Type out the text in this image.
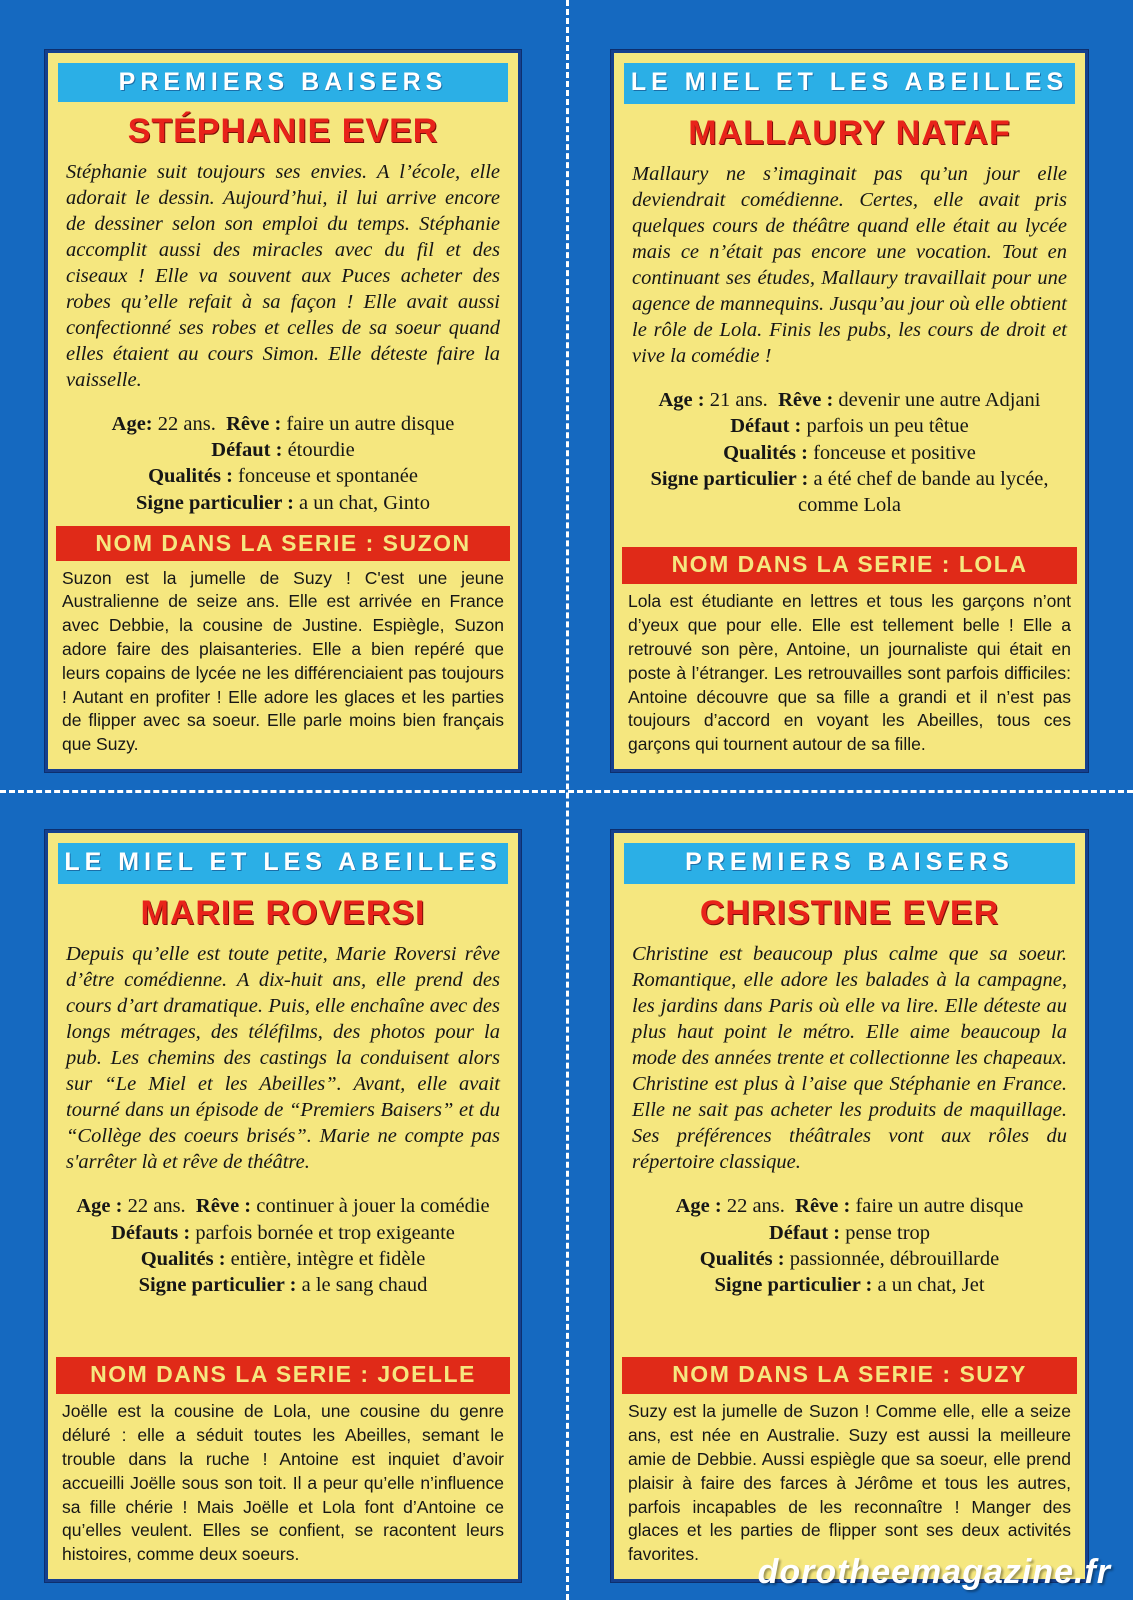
PREMIERS BAISERS
STÉPHANIE EVER
Stéphanie suit toujours ses envies. A l’école, elle adorait le dessin. Aujourd’hui, il lui arrive encore de dessiner selon son emploi du temps. Stéphanie accomplit aussi des miracles avec du fil et des ciseaux ! Elle va souvent aux Puces acheter des robes qu’elle refait à sa façon ! Elle avait aussi confectionné ses robes et celles de sa soeur quand elles étaient au cours Simon. Elle déteste faire la vaisselle.
Age: 22 ans. Rêve : faire un autre disque
Défaut : étourdie
Qualités : fonceuse et spontanée
Signe particulier : a un chat, Ginto
NOM DANS LA SERIE : SUZON
Suzon est la jumelle de Suzy ! C'est une jeune Australienne de seize ans. Elle est arrivée en France avec Debbie, la cousine de Justine. Espiègle, Suzon adore faire des plaisanteries. Elle a bien repéré que leurs copains de lycée ne les différenciaient pas toujours ! Autant en profiter ! Elle adore les glaces et les parties de flipper avec sa soeur. Elle parle moins bien français que Suzy.
LE MIEL ET LES ABEILLES
MALLAURY NATAF
Mallaury ne s’imaginait pas qu’un jour elle deviendrait comédienne. Certes, elle avait pris quelques cours de théâtre quand elle était au lycée mais ce n’était pas encore une vocation. Tout en continuant ses études, Mallaury travaillait pour une agence de mannequins. Jusqu’au jour où elle obtient le rôle de Lola. Finis les pubs, les cours de droit et vive la comédie !
Age : 21 ans. Rêve : devenir une autre Adjani
Défaut : parfois un peu têtue
Qualités : fonceuse et positive
Signe particulier : a été chef de bande au lycée, comme Lola
NOM DANS LA SERIE : LOLA
Lola est étudiante en lettres et tous les garçons n’ont d’yeux que pour elle. Elle est tellement belle ! Elle a retrouvé son père, Antoine, un journaliste qui était en poste à l’étranger. Les retrouvailles sont parfois difficiles: Antoine découvre que sa fille a grandi et il n’est pas toujours d’accord en voyant les Abeilles, tous ces garçons qui tournent autour de sa fille.
LE MIEL ET LES ABEILLES
MARIE ROVERSI
Depuis qu’elle est toute petite, Marie Roversi rêve d’être comédienne. A dix-huit ans, elle prend des cours d’art dramatique. Puis, elle enchaîne avec des longs métrages, des téléfilms, des photos pour la pub. Les chemins des castings la conduisent alors sur “Le Miel et les Abeilles”. Avant, elle avait tourné dans un épisode de “Premiers Baisers” et du “Collège des coeurs brisés”. Marie ne compte pas s'arrêter là et rêve de théâtre.
Age : 22 ans. Rêve : continuer à jouer la comédie
Défauts : parfois bornée et trop exigeante
Qualités : entière, intègre et fidèle
Signe particulier : a le sang chaud
NOM DANS LA SERIE : JOELLE
Joëlle est la cousine de Lola, une cousine du genre déluré : elle a séduit toutes les Abeilles, semant le trouble dans la ruche ! Antoine est inquiet d’avoir accueilli Joëlle sous son toit. Il a peur qu’elle n’influence sa fille chérie ! Mais Joëlle et Lola font d’Antoine ce qu’elles veulent. Elles se confient, se racontent leurs histoires, comme deux soeurs.
PREMIERS BAISERS
CHRISTINE EVER
Christine est beaucoup plus calme que sa soeur. Romantique, elle adore les balades à la campagne, les jardins dans Paris où elle va lire. Elle déteste au plus haut point le métro. Elle aime beaucoup la mode des années trente et collectionne les chapeaux. Christine est plus à l’aise que Stéphanie en France. Elle ne sait pas acheter les produits de maquillage. Ses préférences théâtrales vont aux rôles du répertoire classique.
Age : 22 ans. Rêve : faire un autre disque
Défaut : pense trop
Qualités : passionnée, débrouillarde
Signe particulier : a un chat, Jet
NOM DANS LA SERIE : SUZY
Suzy est la jumelle de Suzon ! Comme elle, elle a seize ans, est née en Australie. Suzy est aussi la meilleure amie de Debbie. Aussi espiègle que sa soeur, elle prend plaisir à faire des farces à Jérôme et tous les autres, parfois incapables de les reconnaître ! Manger des glaces et les parties de flipper sont ses deux activités favorites.	dorotheemagazine.fr
